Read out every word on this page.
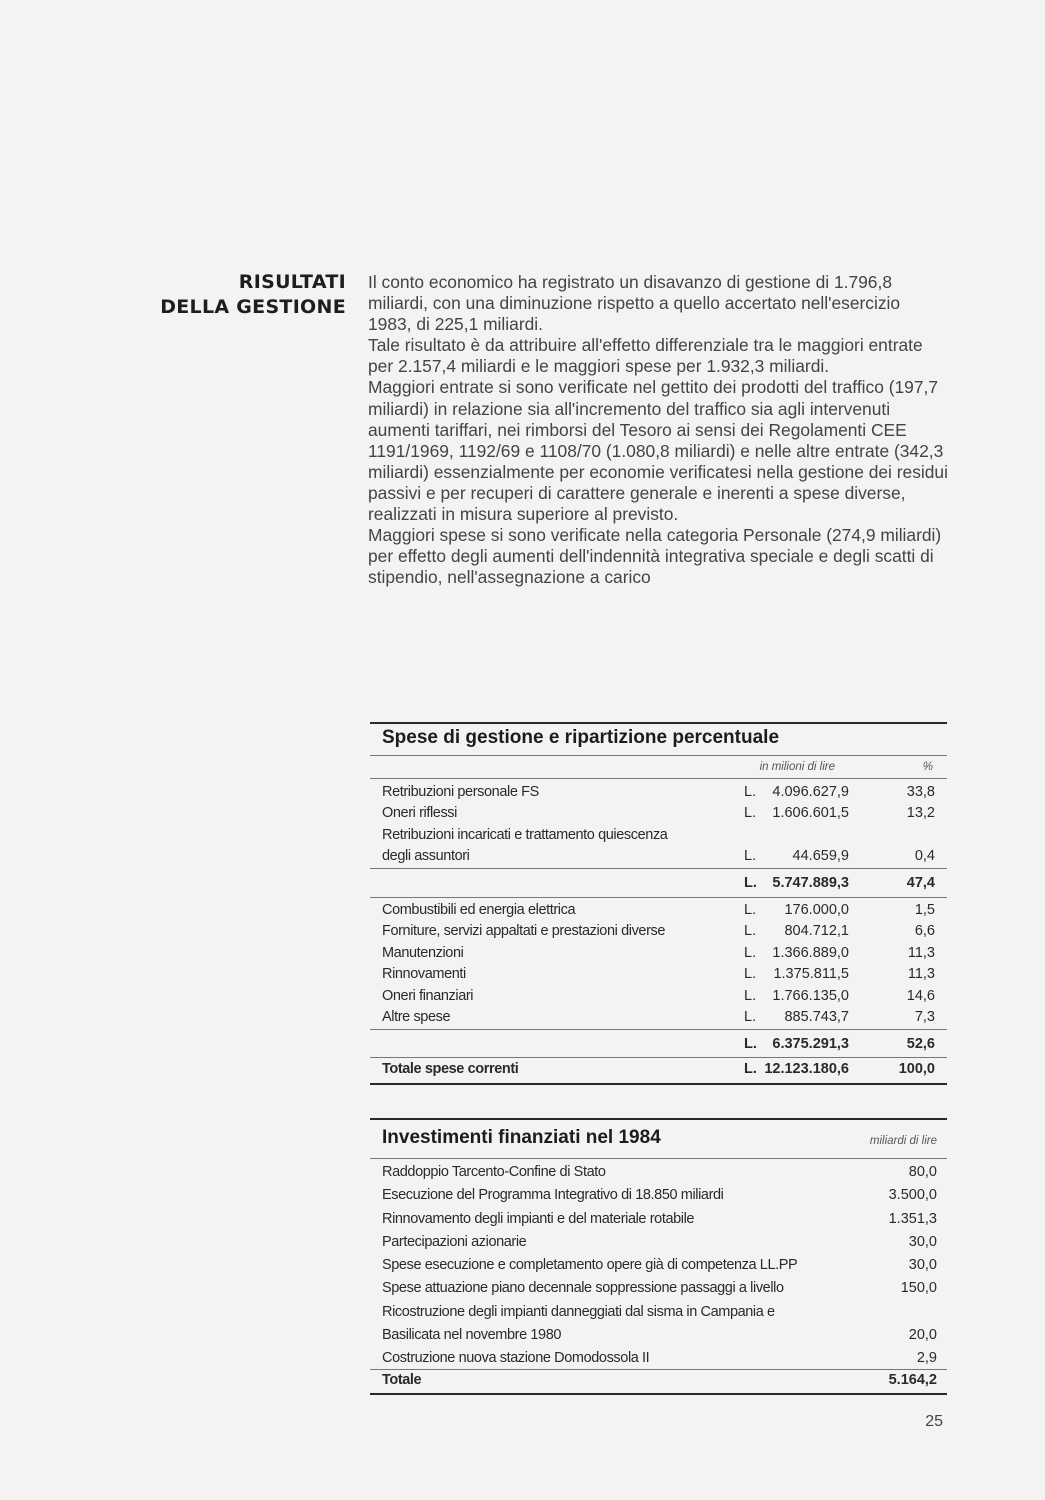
RISULTATI
DELLA GESTIONE

Il conto economico ha registrato un disavanzo di gestione di 1.796,8 miliardi, con una diminuzione rispetto a quello accertato nell'esercizio 1983, di 225,1 miliardi.

Tale risultato è da attribuire all'effetto differenziale tra le maggiori entrate per 2.157,4 miliardi e le maggiori spese per 1.932,3 miliardi.

Maggiori entrate si sono verificate nel gettito dei prodotti del traffico (197,7 miliardi) in relazione sia all'incremento del traffico sia agli intervenuti aumenti tariffari, nei rimborsi del Tesoro ai sensi dei Regolamenti CEE 1191/1969, 1192/69 e 1108/70 (1.080,8 miliardi) e nelle altre entrate (342,3 miliardi) essenzialmente per economie verificatesi nella gestione dei residui passivi e per recuperi di carattere generale e inerenti a spese diverse, realizzati in misura superiore al previsto.

Maggiori spese si sono verificate nella categoria Personale (274,9 miliardi) per effetto degli aumenti dell'indennità integrativa speciale e degli scatti di stipendio, nell'assegnazione a carico

Spese di gestione e ripartizione percentuale
in milioni di lire	%
Retribuzioni personale FS	L. 4.096.627,9	33,8
Oneri riflessi	L. 1.606.601,5	13,2
Retribuzioni incaricati e trattamento quiescenza
degli assuntori	L.	44.659,9	0,4
L. 5.747.889,3	47,4
Combustibili ed energia elettrica	L. 176.000,0	1,5
Forniture, servizi appaltati e prestazioni diverse	L. 804.712,1	6,6
Manutenzioni	L. 1.366.889,0	11,3
Rinnovamenti	L. 1.375.811,5	11,3
Oneri finanziari	L. 1.766.135,0	14,6
Altre spese	L. 885.743,7	7,3
L. 6.375.291,3	52,6
Totale spese correnti	L. 12.123.180,6	100,0
Investimenti finanziati nel 1984	miliardi di lire
Raddoppio Tarcento-Confine di Stato	80,0
Esecuzione del Programma Integrativo di 18.850 miliardi	3.500,0
Rinnovamento degli impianti e del materiale rotabile	1.351,3
Partecipazioni azionarie	30,0
Spese esecuzione e completamento opere già di competenza LL.PP	30,0
Spese attuazione piano decennale soppressione passaggi a livello	150,0
Ricostruzione degli impianti danneggiati dal sisma in Campania e
Basilicata nel novembre 1980	20,0
Costruzione nuova stazione Domodossola II	2,9
Totale	5.164,2
25
